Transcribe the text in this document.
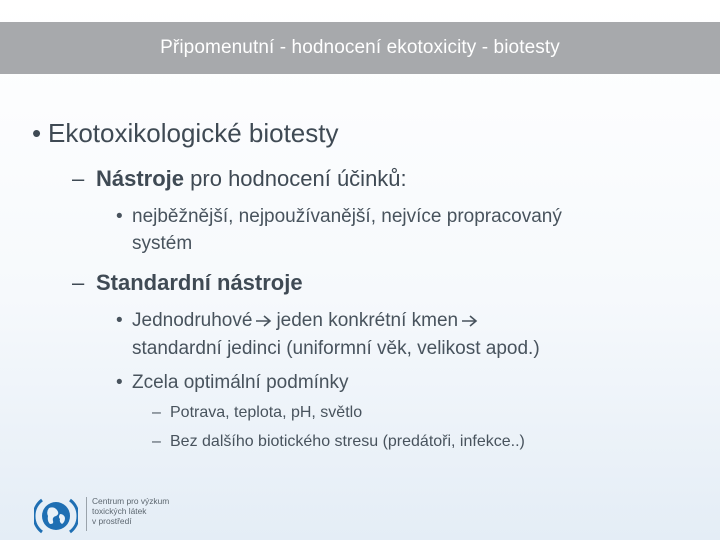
Připomenutní - hodnocení ekotoxicity - biotesty
• Ekotoxikologické biotesty
– Nástroje pro hodnocení účinků:
• nejběžnější, nejpoužívanější, nejvíce propracovaný
systém
– Standardní nástroje
• Jednodruhové jeden konkrétní kmen
standardní jedinci (uniformní věk, velikost apod.)
• Zcela optimální podmínky
– Potrava, teplota, pH, světlo
– Bez dalšího biotického stresu (predátoři, infekce..)
Centrum pro výzkum
toxických látek
v prostředí
